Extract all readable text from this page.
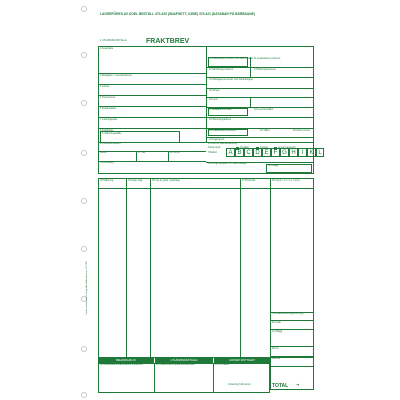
LAGERFÖRES AV DOEL BESTÄLL 373.320 (SNAPSETT, UZBE) 373.321 (DATABAR PÅ BÄRBSANE)
1 UTLÄMNINGSSTÄLLE	FRAKTBREV
2 Avsändare
3 Mottagare / Leveransadress
4 Adress
5 Postnummer
6 Fraktbetalare
7 Lastningsplats
8 Fraktförare
9 Utlämningsställe
10 Avsändarens kundnr hos fraktföretaget 11 Avsändarens referens
12 Sändnings-referens	13 Bokningsreferens
14 Mottagarens kundnr hos fraktföretaget
15 Adress
16 Land
17 Betalarens kundnr	18 Leveransvillkor
19 Hämtningsadress
21 Fraktförarens referens	22 Villkor	20 Kolli-nummer
23 Avgångsort
26 Bestämmelseort	25 Kod för specialhantering
Farligt gods	Ömtåligt	Kylvara	Annan hantering
Datum	27 Vikt	28 Volym
31 Godsslag
Tillstånd	A B C D E F G H I	K L
30 Övriga uppgifter för fraktföretaget
32 Tillägg
33 Märkning	34 Antal, slag	36 Typ av gods / godsslag	37 Bruttovikt	38 Volym / m³ x b x h (cm)
39 Fraktberäkningsgrund (kg)
40 Frakt
41 Tillägg
Moms
Summa
BEHANDLAD AV	UTLÄMNINGSSTÄLLE	GODSET MOTTAGET
42 Avsändarens/fraktförarens underskrift	43 Fraktförarens underskrift/stämpel	44 Ort, datum
Kvittering (fullt namn)	TOTAL ➜
Tryckt av Bernstorff Förlags AB. Artikelnummer 373.320
